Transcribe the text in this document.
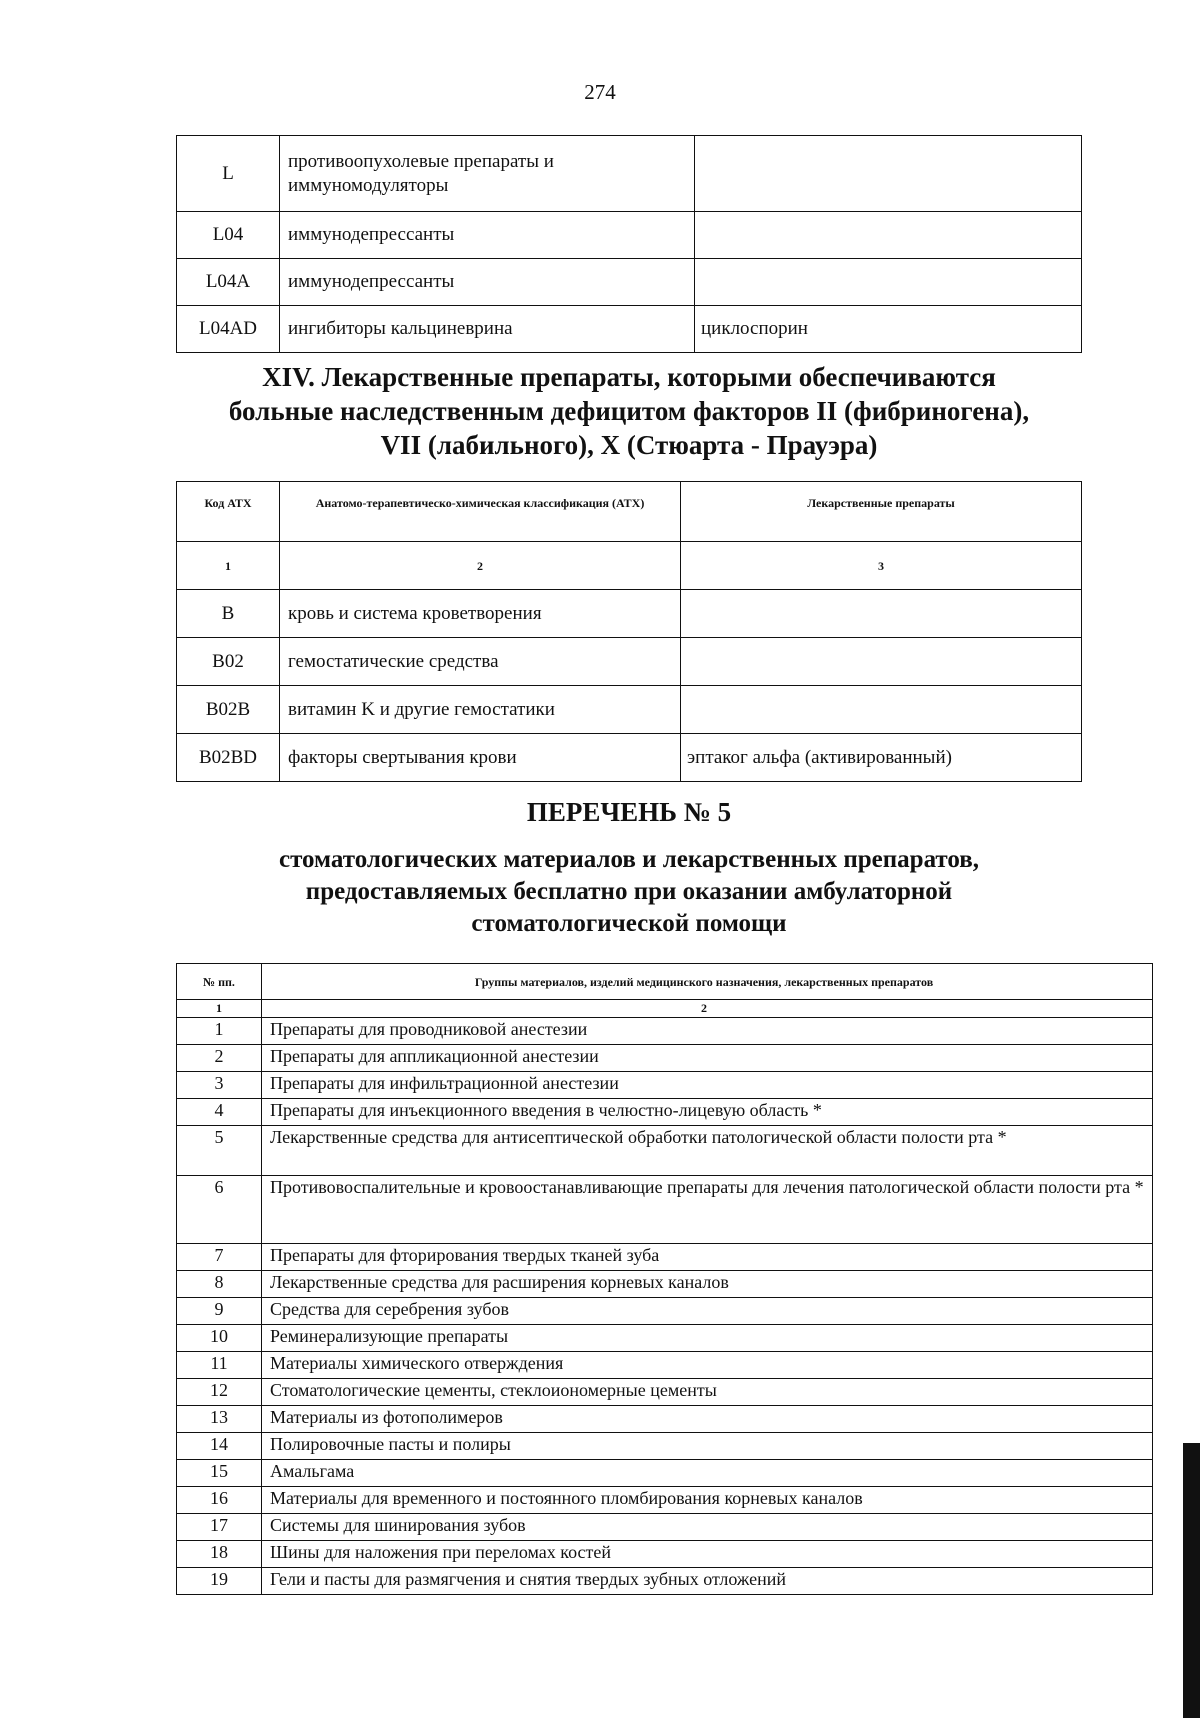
274
L	противоопухолевые препараты и иммуномодуляторы	
L04	иммунодепрессанты	
L04A	иммунодепрессанты	
L04AD	ингибиторы кальциневрина	циклоспорин
XIV. Лекарственные препараты, которыми обеспечиваются
больные наследственным дефицитом факторов II (фибриногена),
VII (лабильного), X (Стюарта - Прауэра)
Код АТХ	Анатомо-терапевтическо-химическая классификация (АТХ)	Лекарственные препараты
1	2	3
B	кровь и система кроветворения	
B02	гемостатические средства	
B02B	витамин K и другие гемостатики	
B02BD	факторы свертывания крови	эптаког альфа (активированный)
ПЕРЕЧЕНЬ № 5
стоматологических материалов и лекарственных препаратов,
предоставляемых бесплатно при оказании амбулаторной
стоматологической помощи
№ пп.	Группы материалов, изделий медицинского назначения, лекарственных препаратов
1	2
1	Препараты для проводниковой анестезии
2	Препараты для аппликационной анестезии
3	Препараты для инфильтрационной анестезии
4	Препараты для инъекционного введения в челюстно-лицевую область *
5	Лекарственные средства для антисептической обработки патологической области полости рта *
6	Противовоспалительные и кровоостанавливающие препараты для лечения патологической области полости рта *
7	Препараты для фторирования твердых тканей зуба
8	Лекарственные средства для расширения корневых каналов
9	Средства для серебрения зубов
10	Реминерализующие препараты
11	Материалы химического отверждения
12	Стоматологические цементы, стеклоиономерные цементы
13	Материалы из фотополимеров
14	Полировочные пасты и полиры
15	Амальгама
16	Материалы для временного и постоянного пломбирования корневых каналов
17	Системы для шинирования зубов
18	Шины для наложения при переломах костей
19	Гели и пасты для размягчения и снятия твердых зубных отложений
